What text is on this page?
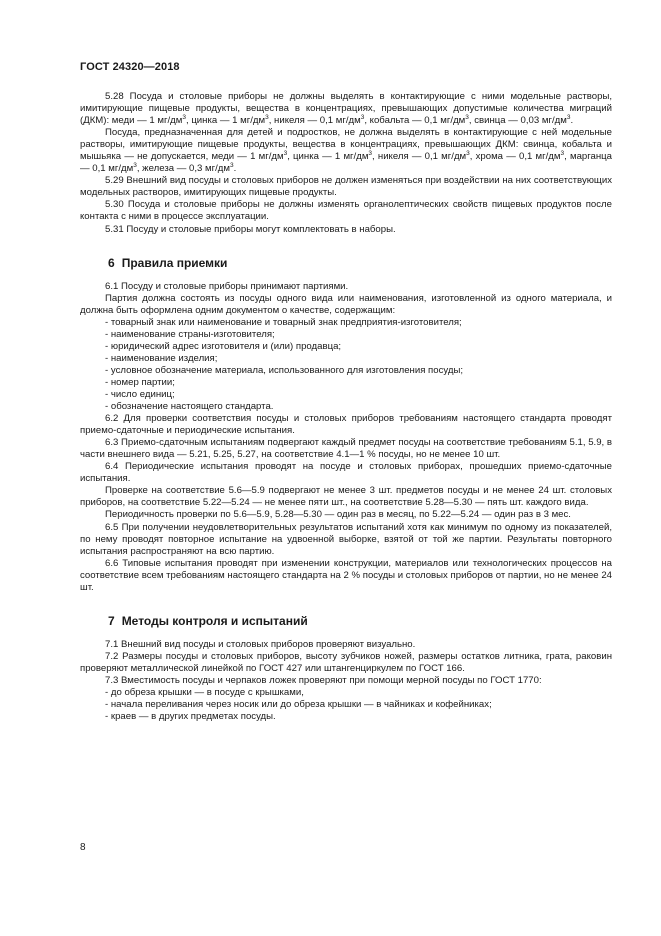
ГОСТ 24320—2018

5.28 Посуда и столовые приборы не должны выделять в контактирующие с ними модельные растворы, имитирующие пищевые продукты, вещества в концентрациях, превышающих допустимые количества миграций (ДКМ): меди — 1 $мг/дм^3$, цинка — 1 $мг/дм^3$, никеля — 0,1 $мг/дм^3$, кобальта — 0,1 $мг/дм^3$, свинца — 0,03 $мг/дм^3$.

Посуда, предназначенная для детей и подростков, не должна выделять в контактирующие с ней модельные растворы, имитирующие пищевые продукты, вещества в концентрациях, превышающих ДКМ: свинца, кобальта и мышьяка — не допускается, меди — 1 $мг/дм^3$, цинка — 1 $мг/дм^3$, никеля — 0,1 $мг/дм^3$, хрома — 0,1 $мг/дм^3$, марганца — 0,1 $мг/дм^3$, железа — 0,3 $мг/дм^3$.

5.29 Внешний вид посуды и столовых приборов не должен изменяться при воздействии на них соответствующих модельных растворов, имитирующих пищевые продукты.

5.30 Посуда и столовые приборы не должны изменять органолептических свойств пищевых продуктов после контакта с ними в процессе эксплуатации.

5.31 Посуду и столовые приборы могут комплектовать в наборы.

6 Правила приемки

6.1 Посуду и столовые приборы принимают партиями.

Партия должна состоять из посуды одного вида или наименования, изготовленной из одного материала, и должна быть оформлена одним документом о качестве, содержащим:

- товарный знак или наименование и товарный знак предприятия-изготовителя;
- наименование страны-изготовителя;
- юридический адрес изготовителя и (или) продавца;
- наименование изделия;
- условное обозначение материала, использованного для изготовления посуды;
- номер партии;
- число единиц;
- обозначение настоящего стандарта.

6.2 Для проверки соответствия посуды и столовых приборов требованиям настоящего стандарта проводят приемо-сдаточные и периодические испытания.

6.3 Приемо-сдаточным испытаниям подвергают каждый предмет посуды на соответствие требованиям 5.1, 5.9, в части внешнего вида — 5.21, 5.25, 5.27, на соответствие 4.1—1 % посуды, но не менее 10 шт.

6.4 Периодические испытания проводят на посуде и столовых приборах, прошедших приемо-сдаточные испытания.

Проверке на соответствие 5.6—5.9 подвергают не менее 3 шт. предметов посуды и не менее 24 шт. столовых приборов, на соответствие 5.22—5.24 — не менее пяти шт., на соответствие 5.28—5.30 — пять шт. каждого вида.

Периодичность проверки по 5.6—5.9, 5.28—5.30 — один раз в месяц, по 5.22—5.24 — один раз в 3 мес.

6.5 При получении неудовлетворительных результатов испытаний хотя как минимум по одному из показателей, по нему проводят повторное испытание на удвоенной выборке, взятой от той же партии. Результаты повторного испытания распространяют на всю партию.

6.6 Типовые испытания проводят при изменении конструкции, материалов или технологических процессов на соответствие всем требованиям настоящего стандарта на 2 % посуды и столовых приборов от партии, но не менее 24 шт.

7 Методы контроля и испытаний

7.1 Внешний вид посуды и столовых приборов проверяют визуально.

7.2 Размеры посуды и столовых приборов, высоту зубчиков ножей, размеры остатков литника, грата, раковин проверяют металлической линейкой по ГОСТ 427 или штангенциркулем по ГОСТ 166.

7.3 Вместимость посуды и черпаков ложек проверяют при помощи мерной посуды по ГОСТ 1770:

- до обреза крышки — в посуде с крышками,
- начала переливания через носик или до обреза крышки — в чайниках и кофейниках;
- краев — в других предметах посуды.
8
